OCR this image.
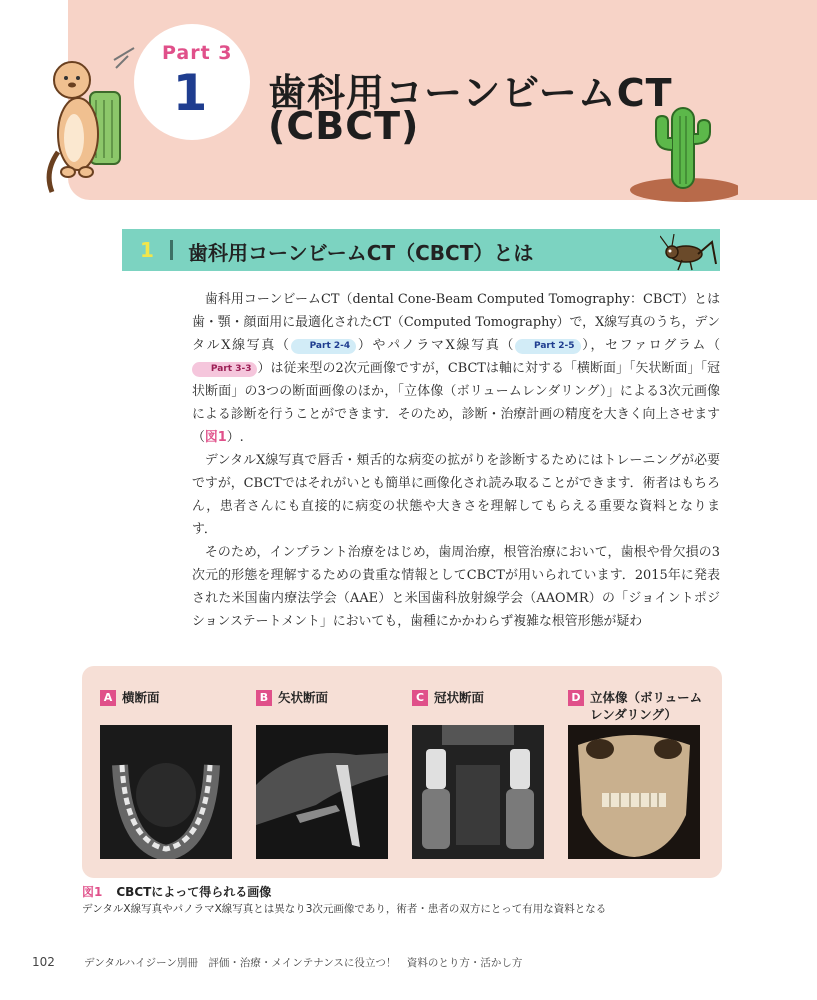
Part 3
1 歯科用コーンビームCT
(CBCT)
1 歯科用コーンビームCT（CBCT）とは

歯科用コーンビームCT（dental Cone-Beam Computed Tomography：CBCT）とは歯・顎・顔面用に最適化されたCT（Computed Tomography）で，X線写真のうち，デンタルX線写真（ Part 2-4 ）やパノラマX線写真（ Part 2-5 ），セファログラム（Part 3-3 ）は従来型の2次元画像ですが，CBCTは軸に対する「横断面」「矢状断面」「冠状断面」の3つの断面画像のほか，「立体像（ボリュームレンダリング）」による3次元画像による診断を行うことができます．そのため，診断・治療計画の精度を大きく向上させます（図1）.

デンタルX線写真で唇舌・頬舌的な病変の拡がりを診断するためにはトレーニングが必要ですが，CBCTではそれがいとも簡単に画像化され読み取ることができます．術者はもちろん，患者さんにも直接的に病変の状態や大きさを理解してもらえる重要な資料となります．

そのため，インプラント治療をはじめ，歯周治療，根管治療において，歯根や骨欠損の3次元的形態を理解するための貴重な情報としてCBCTが用いられています．2015年に発表された米国歯内療法学会（AAE）と米国歯科放射線学会（AAOMR）の「ジョイントポジションステートメント」においても，歯種にかかわらず複雑な根管形態が疑わ

A 横断面	B 矢状断面	C 冠状断面	D 立体像（ボリューム
レンダリング）
図1 CBCTによって得られる画像
デンタルX線写真やパノラマX線写真とは異なり3次元画像であり，術者・患者の双方にとって有用な資料となる
102	デンタルハイジーン別冊　評価・治療・メインテナンスに役立つ！　資料のとり方・活かし方
